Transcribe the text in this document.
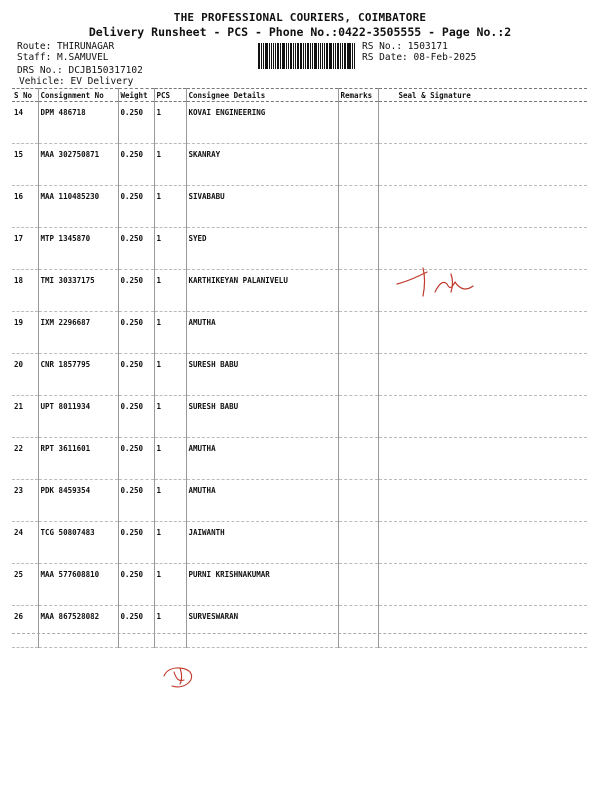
THE PROFESSIONAL COURIERS, COIMBATORE
Delivery Runsheet - PCS - Phone No.:0422-3505555 - Page No.:2
Route: THIRUNAGAR
Staff: M.SAMUVEL
DRS No.: DCJB150317102
Vehicle: EV Delivery
RS No.: 1503171
RS Date: 08-Feb-2025
S No	Consignment No	Weight	PCS	Consignee Details	Remarks	Seal & Signature
14	DPM 486718	0.250	1	KOVAI ENGINEERING		
15	MAA 302750871	0.250	1	SKANRAY		
16	MAA 110485230	0.250	1	SIVABABU		
17	MTP 1345870	0.250	1	SYED		
18	TMI 30337175	0.250	1	KARTHIKEYAN PALANIVELU		
19	IXM 2296687	0.250	1	AMUTHA		
20	CNR 1857795	0.250	1	SURESH BABU		
21	UPT 8011934	0.250	1	SURESH BABU		
22	RPT 3611601	0.250	1	AMUTHA		
23	PDK 8459354	0.250	1	AMUTHA		
24	TCG 50807483	0.250	1	JAIWANTH		
25	MAA 577608810	0.250	1	PURNI KRISHNAKUMAR		
26	MAA 867528082	0.250	1	SURVESWARAN		
